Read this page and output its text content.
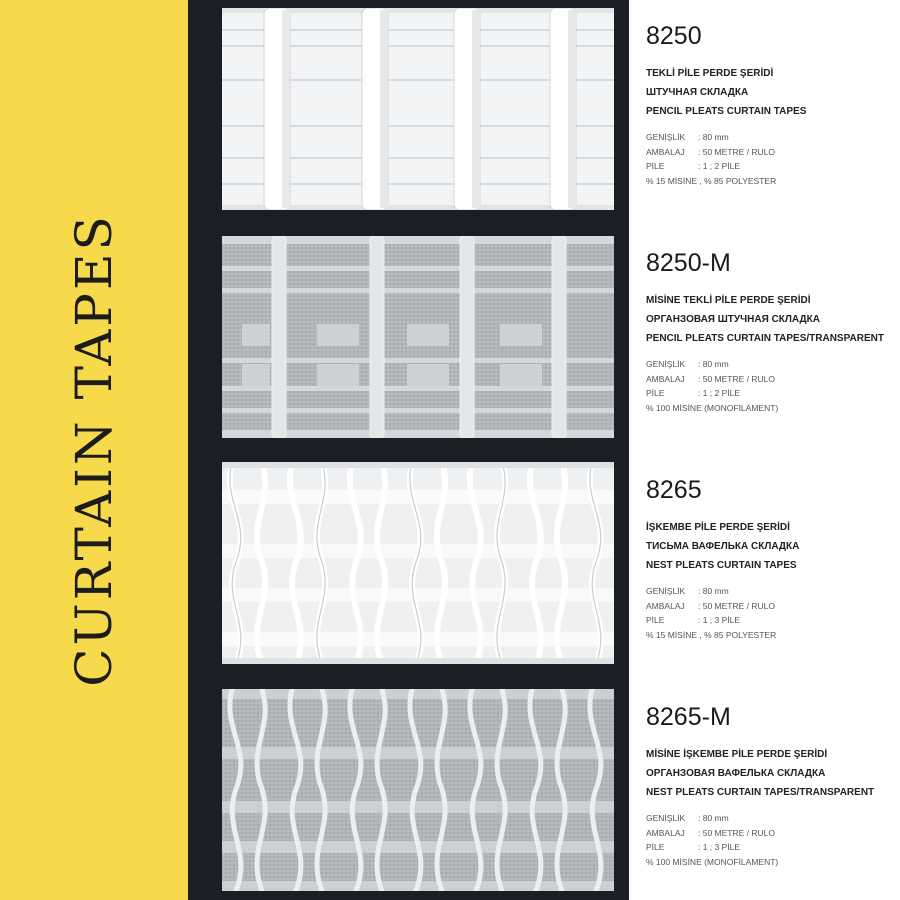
CURTAIN TAPES
8250
TEKLİ PİLE PERDE ŞERİDİ
ШТУЧНАЯ СКЛАДКА
PENCIL PLEATS CURTAIN TAPES
GENİŞLİK	: 80 mm
AMBALAJ	: 50 METRE / RULO
PİLE	: 1 ; 2 PİLE
% 15 MİSİNE , % 85 POLYESTER
8250-M
MİSİNE TEKLİ PİLE PERDE ŞERİDİ
ОРГАНЗОВАЯ ШТУЧНАЯ СКЛАДКА
PENCIL PLEATS CURTAIN TAPES/TRANSPARENT
GENİŞLİK	: 80 mm
AMBALAJ	: 50 METRE / RULO
PİLE	: 1 ; 2 PİLE
% 100 MİSİNE (MONOFİLAMENT)
8265
İŞKEMBE PİLE PERDE ŞERİDİ
ТИСЬМА ВАФЕЛЬКА СКЛАДКА
NEST PLEATS CURTAIN TAPES
GENİŞLİK	: 80 mm
AMBALAJ	: 50 METRE / RULO
PİLE	: 1 ; 3 PİLE
% 15 MİSİNE , % 85 POLYESTER
8265-M
MİSİNE İŞKEMBE PİLE PERDE ŞERİDİ
ОРГАНЗОВАЯ ВАФЕЛЬКА СКЛАДКА
NEST PLEATS CURTAIN TAPES/TRANSPARENT
GENİŞLİK	: 80 mm
AMBALAJ	: 50 METRE / RULO
PİLE	: 1 ; 3 PİLE
% 100 MİSİNE (MONOFİLAMENT)
